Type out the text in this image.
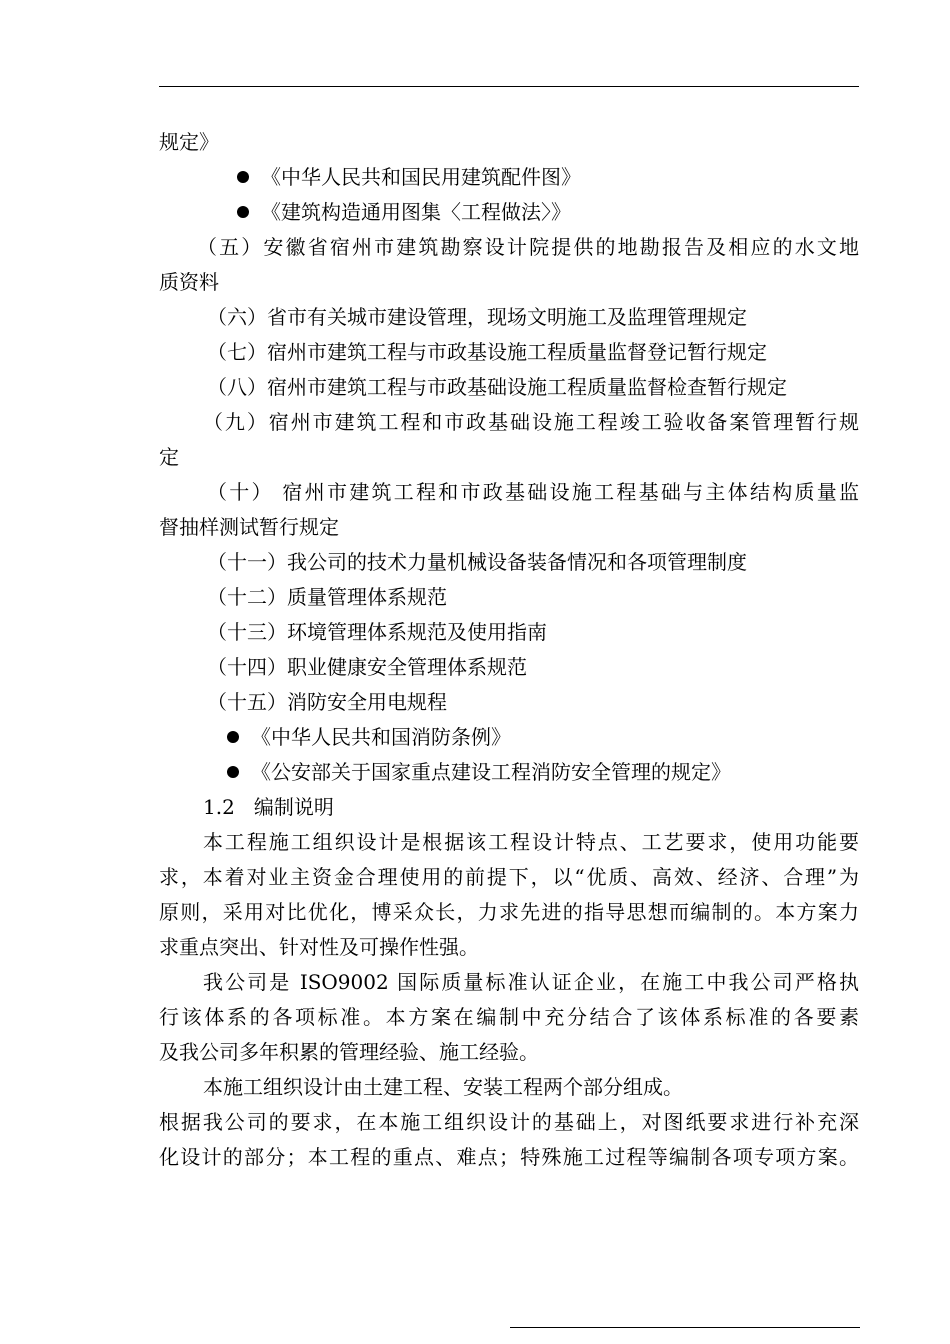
规定》
《中华人民共和国民用建筑配件图》
《建筑构造通用图集〈工程做法〉》
（五）安徽省宿州市建筑勘察设计院提供的地勘报告及相应的水文地
质资料
（六）省市有关城市建设管理，现场文明施工及监理管理规定
（七）宿州市建筑工程与市政基设施工程质量监督登记暂行规定
（八）宿州市建筑工程与市政基础设施工程质量监督检查暂行规定
（九）宿州市建筑工程和市政基础设施工程竣工验收备案管理暂行规
定
（十） 宿州市建筑工程和市政基础设施工程基础与主体结构质量监
督抽样测试暂行规定
（十一）我公司的技术力量机械设备装备情况和各项管理制度
（十二）质量管理体系规范
（十三）环境管理体系规范及使用指南
（十四）职业健康安全管理体系规范
（十五）消防安全用电规程
《中华人民共和国消防条例》
《公安部关于国家重点建设工程消防安全管理的规定》
1.2   编制说明
本工程施工组织设计是根据该工程设计特点、工艺要求，使用功能要
求，本着对业主资金合理使用的前提下，以“优质、高效、经济、合理”为
原则，采用对比优化，博采众长，力求先进的指导思想而编制的。本方案力
求重点突出、针对性及可操作性强。
我公司是 ISO9002 国际质量标准认证企业，在施工中我公司严格执
行该体系的各项标准。本方案在编制中充分结合了该体系标准的各要素
及我公司多年积累的管理经验、施工经验。
本施工组织设计由土建工程、安装工程两个部分组成。
根据我公司的要求，在本施工组织设计的基础上，对图纸要求进行补充深
化设计的部分；本工程的重点、难点；特殊施工过程等编制各项专项方案。
